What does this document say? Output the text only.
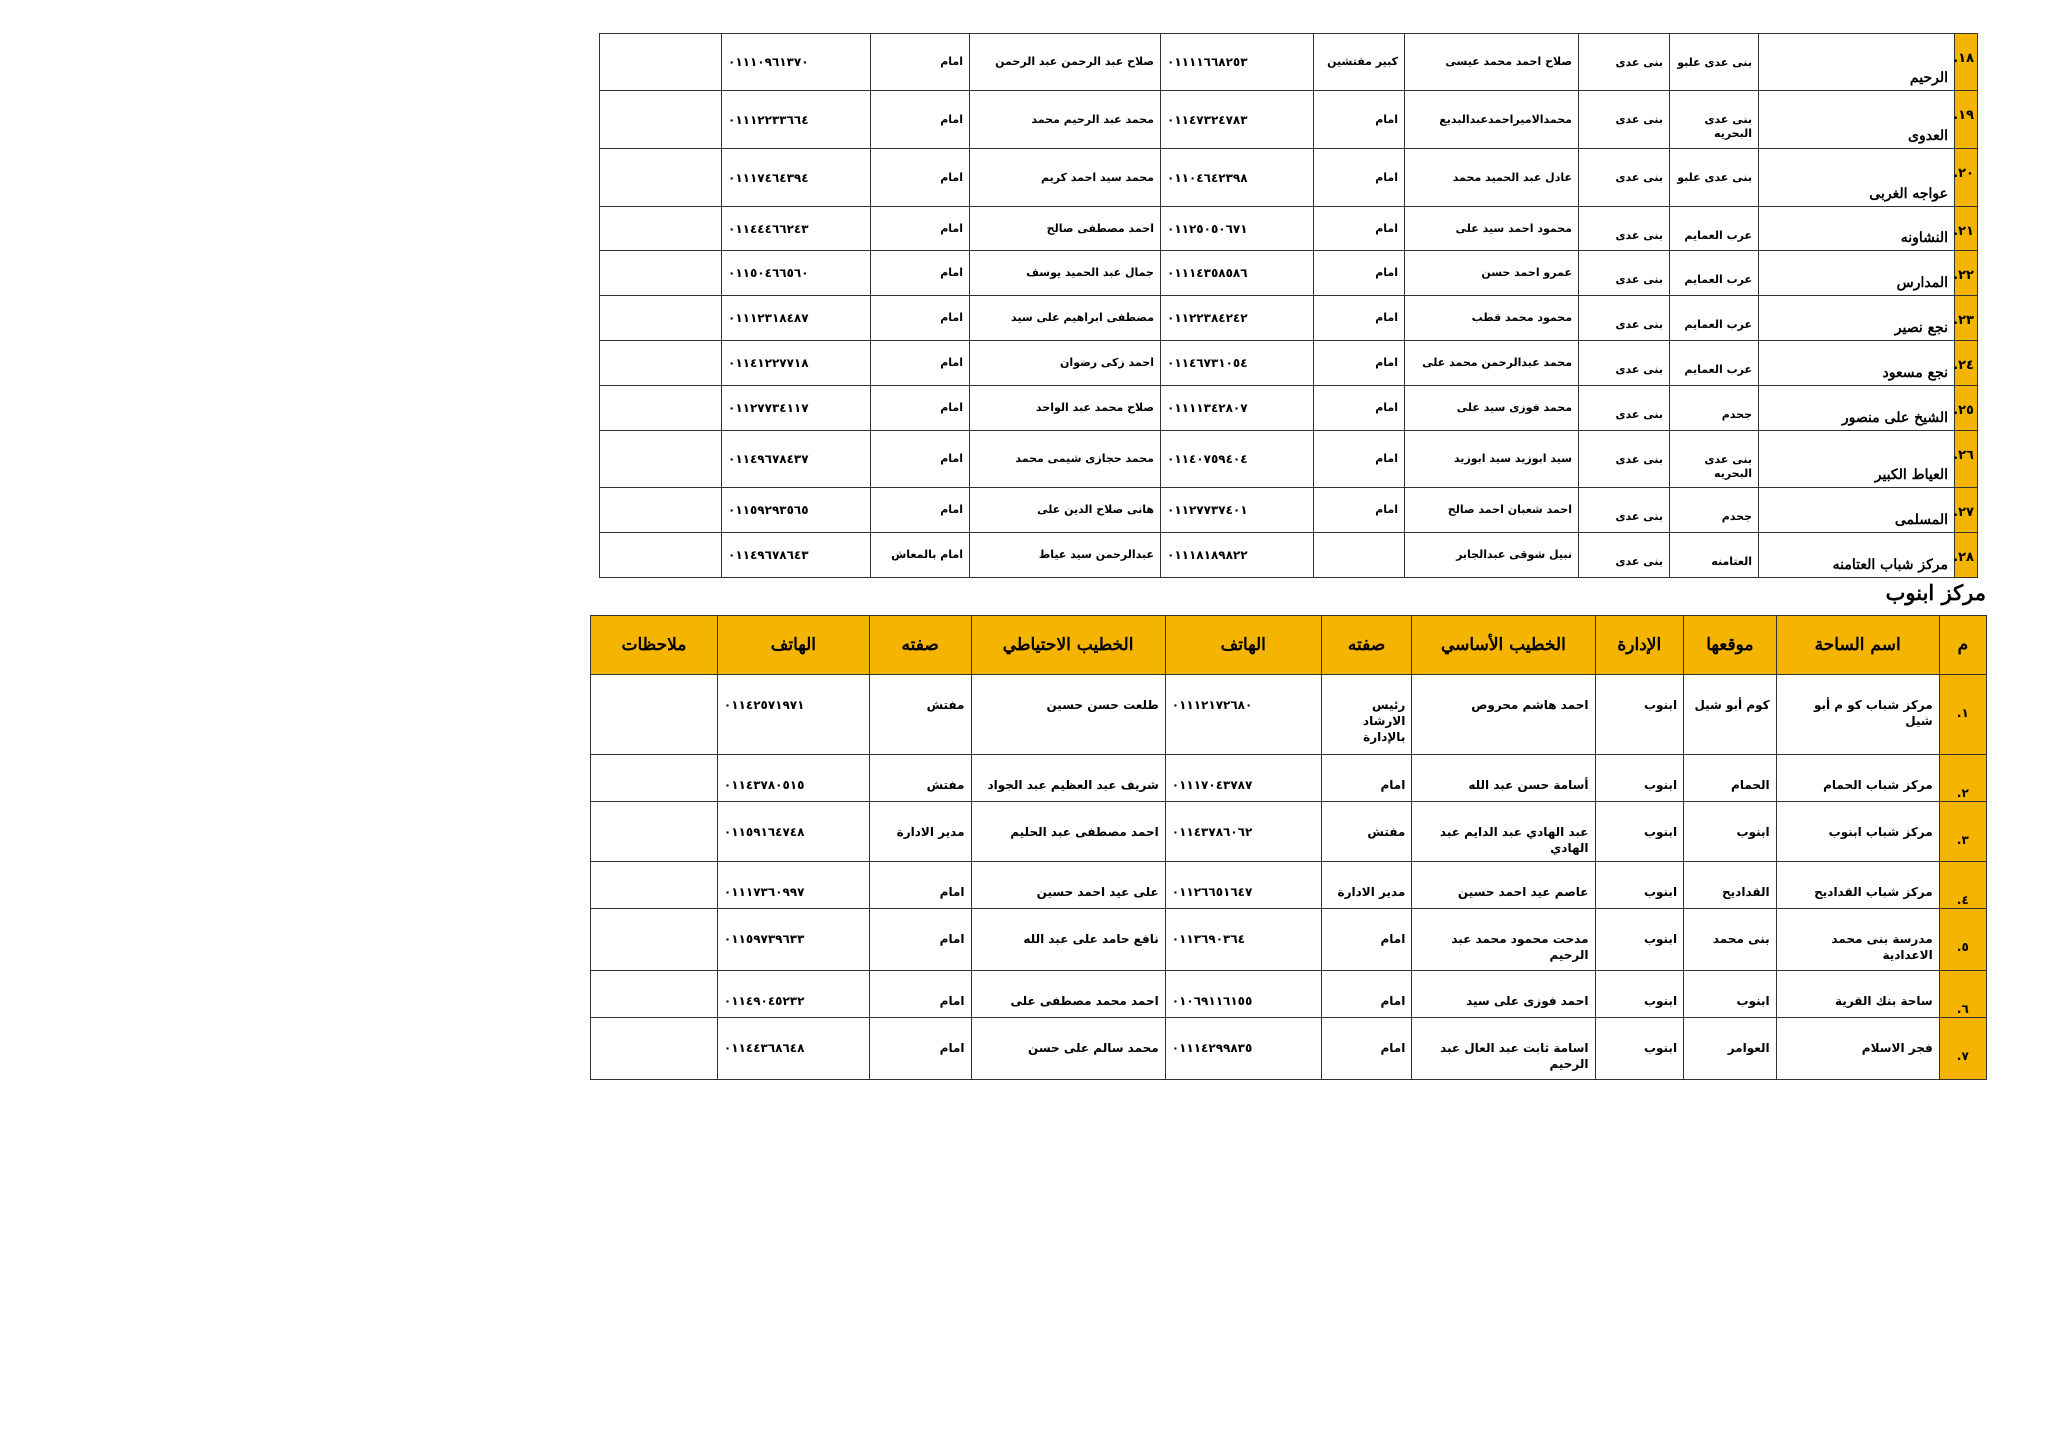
١٨.	الرحيم	بنى عدى علبو	بنى عدى	صلاح احمد محمد عيسى	كبير مفتشين	٠١١١١٦٦٨٢٥٣	صلاح عبد الرحمن عبد الرحمن	امام	٠١١١٠٩٦١٣٧٠	
١٩.	العدوى	بنى عدى البحريه	بنى عدى	محمدالاميراحمدعبدالبديع	امام	٠١١٤٧٣٢٤٧٨٣	محمد عبد الرحيم محمد	امام	٠١١١٢٢٣٣٦٦٤	
٢٠.	عواجه الغربى	بنى عدى علبو	بنى عدى	عادل عبد الحميد محمد	امام	٠١١٠٤٦٤٢٣٩٨	محمد سيد احمد كريم	امام	٠١١١٧٤٦٤٣٩٤	
٢١.	النشاونه	عرب العمايم	بنى عدى	محمود احمد سيد على	امام	٠١١٢٥٠٥٠٦٧١	احمد مصطفى صالح	امام	٠١١٤٤٤٦٦٢٤٣	
٢٢.	المدارس	عرب العمايم	بنى عدى	عمرو احمد حسن	امام	٠١١١٤٣٥٨٥٨٦	جمال عبد الحميد يوسف	امام	٠١١٥٠٤٦٦٥٦٠	
٢٣.	نجع نصير	عرب العمايم	بنى عدى	محمود محمد قطب	امام	٠١١٢٢٣٨٤٢٤٢	مصطفى ابراهيم على سيد	امام	٠١١١٢٣١٨٤٨٧	
٢٤.	نجع مسعود	عرب العمايم	بنى عدى	محمد عبدالرحمن محمد على	امام	٠١١٤٦٧٣١٠٥٤	احمد زكى رضوان	امام	٠١١٤١٢٢٧٧١٨	
٢٥.	الشيخ على منصور	جحدم	بنى عدى	محمد فوزى سيد على	امام	٠١١١١٣٤٢٨٠٧	صلاح محمد عبد الواحد	امام	٠١١٢٧٧٣٤١١٧	
٢٦.	العياط الكبير	بنى عدى البحريه	بنى عدى	سيد ابوزيد سيد ابوزيد	امام	٠١١٤٠٧٥٩٤٠٤	محمد حجازى شيمى محمد	امام	٠١١٤٩٦٧٨٤٣٧	
٢٧.	المسلمى	جحدم	بنى عدى	احمد شعبان احمد صالح	امام	٠١١٢٧٧٣٧٤٠١	هانى صلاح الدين على	امام	٠١١٥٩٢٩٣٥٦٥	
٢٨.	مركز شباب العتامنه	العتامنه	بنى عدى	نبيل شوقى عبدالجابر		٠١١١٨١٨٩٨٢٢	عبدالرحمن سيد عياط	امام بالمعاش	٠١١٤٩٦٧٨٦٤٣	
مركز ابنوب
م	اسم الساحة	موقعها	الإدارة	الخطيب الأساسي	صفته	الهاتف	الخطيب الاحتياطي	صفته	الهاتف	ملاحظات
١.	مركز شباب كو م أبو شيل	كوم أبو شيل	ابنوب	احمد هاشم محروص	رئيس الارشاد بالإدارة	٠١١١٢١٧٢٦٨٠	طلعت حسن حسين	مفتش	٠١١٤٢٥٧١٩٧١	
٢.	مركز شباب الحمام	الحمام	ابنوب	أسامة حسن عبد الله	امام	٠١١١٧٠٤٣٧٨٧	شريف عبد العظيم عبد الجواد	مفتش	٠١١٤٣٧٨٠٥١٥	
٣.	مركز شباب ابنوب	ابنوب	ابنوب	عبد الهادي عبد الدايم عبد الهادي	مفتش	٠١١٤٣٧٨٦٠٦٢	احمد مصطفى عبد الحليم	مدير الادارة	٠١١٥٩١٦٤٧٤٨	
٤.	مركز شباب القداديح	القداديح	ابنوب	عاصم عيد احمد حسين	مدير الادارة	٠١١٢٦٦٥١٦٤٧	على عيد احمد حسين	امام	٠١١١٧٣٦٠٩٩٧	
٥.	مدرسة بنى محمد الاعدادية	بنى محمد	ابنوب	مدحت محمود محمد عبد الرحيم	امام	٠١١٣٦٩٠٣٦٤	نافع حامد على عبد الله	امام	٠١١٥٩٧٣٩٦٣٣	
٦.	ساحة بنك القرية	ابنوب	ابنوب	احمد فوزى على سيد	امام	٠١٠٦٩١١٦١٥٥	احمد محمد مصطفى على	امام	٠١١٤٩٠٤٥٢٣٢	
٧.	فجر الاسلام	العوامر	ابنوب	اسامة ثابت عبد العال عبد الرحيم	امام	٠١١١٤٢٩٩٨٣٥	محمد سالم على حسن	امام	٠١١٤٤٣٦٨٦٤٨	
